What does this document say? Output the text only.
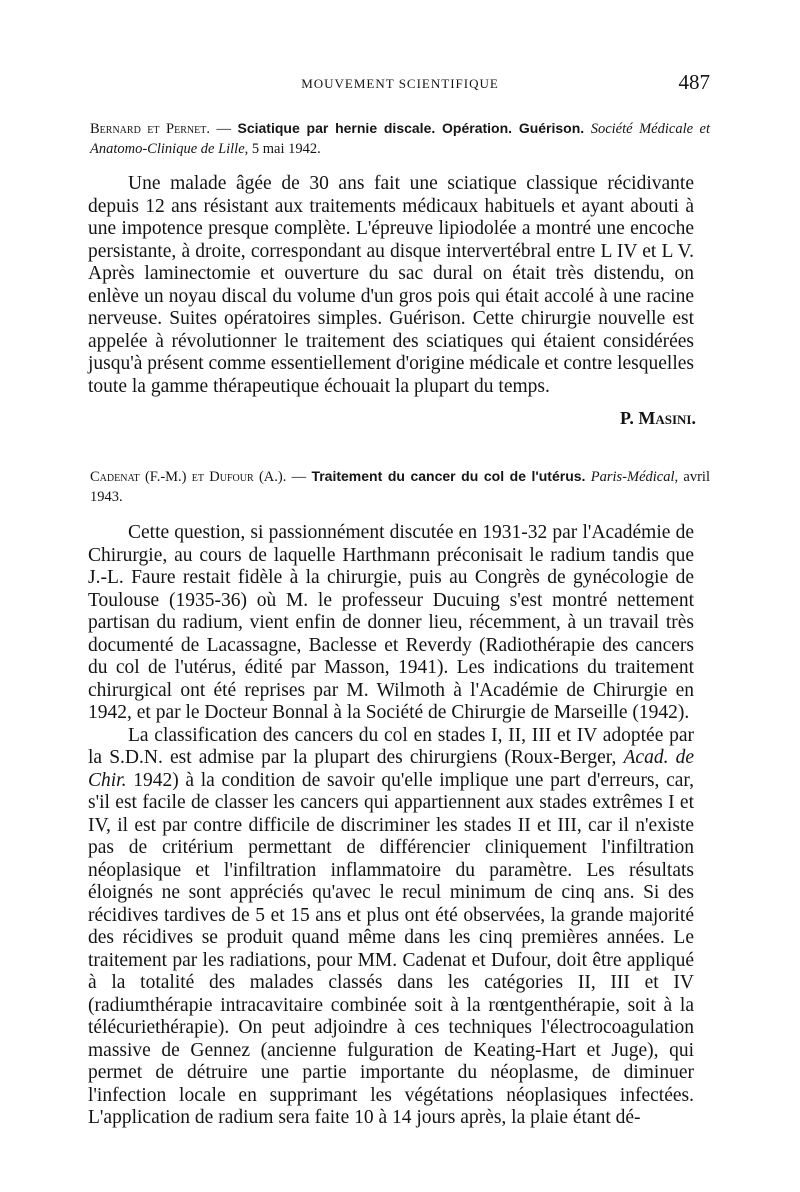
MOUVEMENT SCIENTIFIQUE	487
Bernard et Pernet. — Sciatique par hernie discale. Opération. Guérison. Société Médicale et Anatomo-Clinique de Lille, 5 mai 1942.

Une malade âgée de 30 ans fait une sciatique classique récidivante depuis 12 ans résistant aux traitements médicaux habituels et ayant abouti à une impotence presque complète. L'épreuve lipiodolée a montré une encoche persistante, à droite, correspondant au disque intervertébral entre L IV et L V. Après laminectomie et ouverture du sac dural on était très distendu, on enlève un noyau discal du volume d'un gros pois qui était accolé à une racine nerveuse. Suites opératoires simples. Guérison. Cette chirurgie nouvelle est appelée à révolutionner le traitement des sciatiques qui étaient considérées jusqu'à présent comme essentiellement d'origine médicale et contre lesquelles toute la gamme thérapeutique échouait la plupart du temps.

P. Masini.
Cadenat (F.-M.) et Dufour (A.). — Traitement du cancer du col de l'utérus. Paris-Médical, avril 1943.

Cette question, si passionnément discutée en 1931-32 par l'Académie de Chirurgie, au cours de laquelle Harthmann préconisait le radium tandis que J.-L. Faure restait fidèle à la chirurgie, puis au Congrès de gynécologie de Toulouse (1935-36) où M. le professeur Ducuing s'est montré nettement partisan du radium, vient enfin de donner lieu, récemment, à un travail très documenté de Lacassagne, Baclesse et Reverdy (Radiothérapie des cancers du col de l'utérus, édité par Masson, 1941). Les indications du traitement chirurgical ont été reprises par M. Wilmoth à l'Académie de Chirurgie en 1942, et par le Docteur Bonnal à la Société de Chirurgie de Marseille (1942).

La classification des cancers du col en stades I, II, III et IV adoptée par la S.D.N. est admise par la plupart des chirurgiens (Roux-Berger, Acad. de Chir. 1942) à la condition de savoir qu'elle implique une part d'erreurs, car, s'il est facile de classer les cancers qui appartiennent aux stades extrêmes I et IV, il est par contre difficile de discriminer les stades II et III, car il n'existe pas de critérium permettant de différencier cliniquement l'infiltration néoplasique et l'infiltration inflammatoire du paramètre. Les résultats éloignés ne sont appréciés qu'avec le recul minimum de cinq ans. Si des récidives tardives de 5 et 15 ans et plus ont été observées, la grande majorité des récidives se produit quand même dans les cinq premières années. Le traitement par les radiations, pour MM. Cadenat et Dufour, doit être appliqué à la totalité des malades classés dans les catégories II, III et IV (radiumthérapie intracavitaire combinée soit à la rœntgenthérapie, soit à la télécuriethérapie). On peut adjoindre à ces techniques l'électrocoagulation massive de Gennez (ancienne fulguration de Keating-Hart et Juge), qui permet de détruire une partie importante du néoplasme, de diminuer l'infection locale en supprimant les végétations néoplasiques infectées. L'application de radium sera faite 10 à 14 jours après, la plaie étant dé-
